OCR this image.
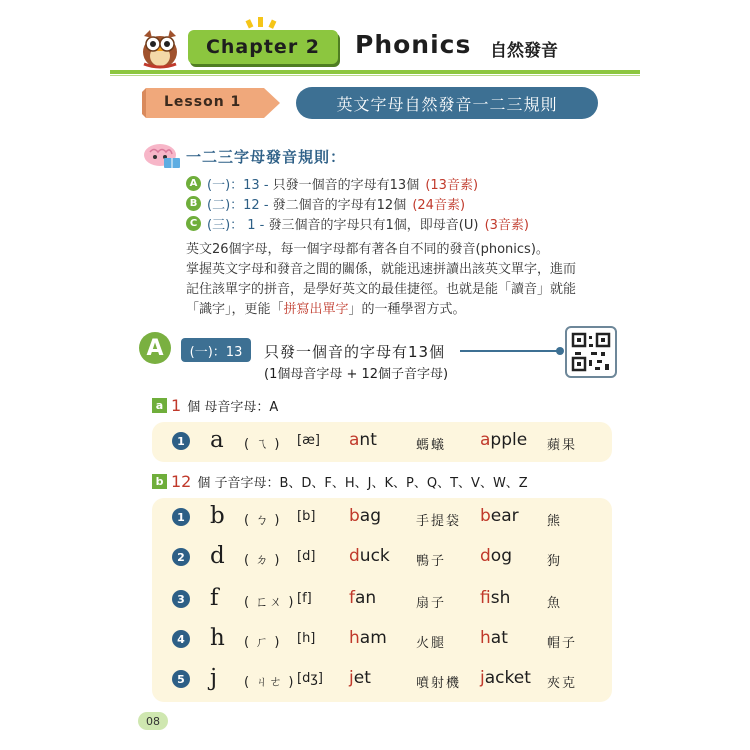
Chapter 2 Phonics 自然發音
Lesson 1	英文字母自然發音一二三規則
一二三字母發音規則：
A (一)：13 -
只發一個音的字母有13個
(13音素)
B (二)：12 -
發二個音的字母有12個
(24音素)
C (三)： 1 -
發三個音的字母只有1個，即母音(U)
(3音素)
英文26個字母，每一個字母都有著各自不同的發音(phonics)。
掌握英文字母和發音之間的關係，就能迅速拼讀出該英文單字，進而
記住該單字的拼音，是學好英文的最佳捷徑。也就是能「讀音」就能
「識字」，更能「拼寫出單字」的一種學習方式。
A	(一)：13	只發一個音的字母有13個
(1個母音字母 + 12個子音字母)
a 1 個 母音字母：A
1 a ( ㄟ ) [æ] ant	螞蟻 apple 蘋果
b 12 個 子音字母：B、D、F、H、J、K、P、Q、T、V、W、Z
1 b ( ㄅ ) [b] bag	手提袋 bear 熊
2 d ( ㄉ ) [d] duck 鴨子 dog	狗
3 f ( ㄈㄨ ) [f] fan	扇子 fish	魚
4 h ( ㄏ ) [h] ham 火腿 hat	帽子
5 j ( ㄐㄜ ) [dʒ] jet	噴射機 jacket 夾克
08
